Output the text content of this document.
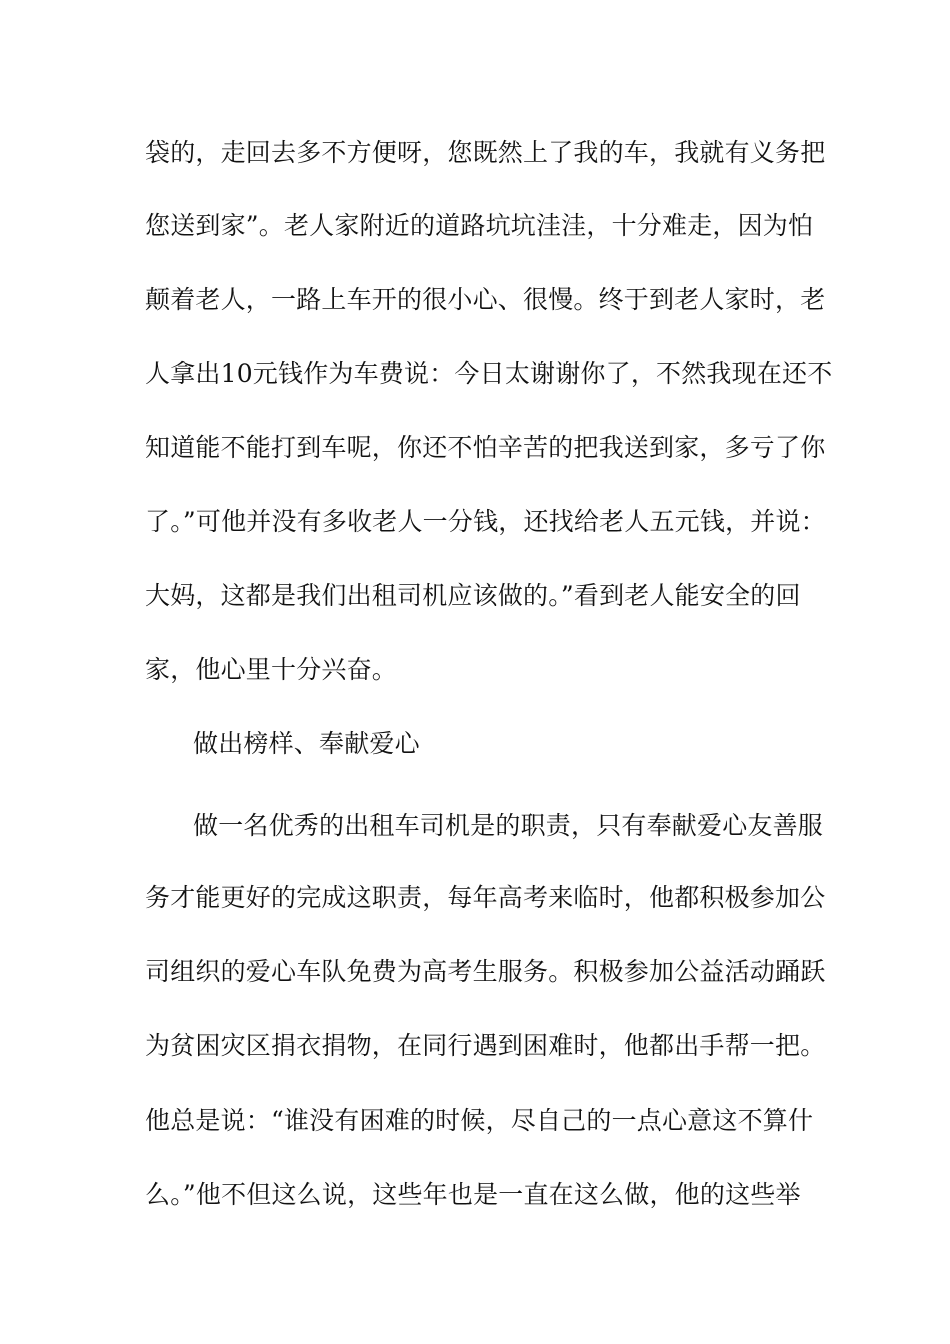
袋的，走回去多不方便呀，您既然上了我的车，我就有义务把
您送到家”。老人家附近的道路坑坑洼洼，十分难走，因为怕
颠着老人，一路上车开的很小心、很慢。终于到老人家时，老
人拿出10元钱作为车费说：今日太谢谢你了，不然我现在还不
知道能不能打到车呢，你还不怕辛苦的把我送到家，多亏了你
了。”可他并没有多收老人一分钱，还找给老人五元钱，并说：
大妈，这都是我们出租司机应该做的。”看到老人能安全的回
家，他心里十分兴奋。
做出榜样、奉献爱心
做一名优秀的出租车司机是的职责，只有奉献爱心友善服
务才能更好的完成这职责，每年高考来临时，他都积极参加公
司组织的爱心车队免费为高考生服务。积极参加公益活动踊跃
为贫困灾区捐衣捐物，在同行遇到困难时，他都出手帮一把。
他总是说：“谁没有困难的时候，尽自己的一点心意这不算什
么。”他不但这么说，这些年也是一直在这么做，他的这些举
